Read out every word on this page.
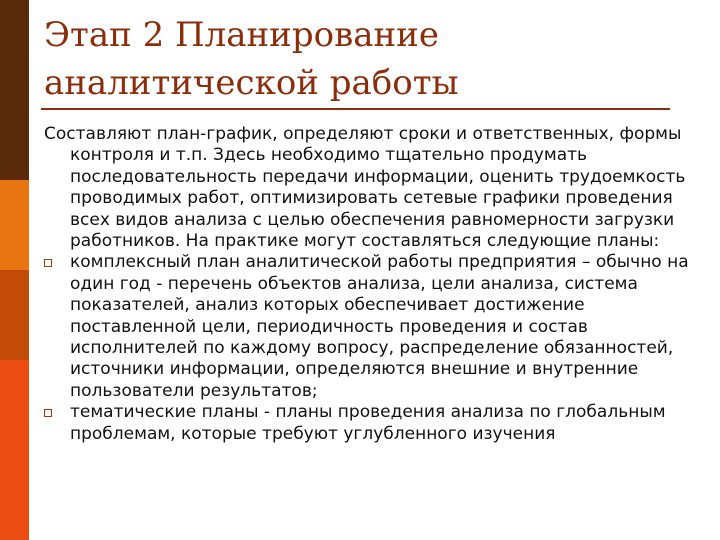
Этап 2 Планирование аналитической работы

Составляют план-график, определяют сроки и ответственных, формы контроля и т.п. Здесь необходимо тщательно продумать последовательность передачи информации, оценить трудоемкость проводимых работ, оптимизировать сетевые графики проведения всех видов анализа с целью обеспечения равномерности загрузки работников. На практике могут составляться следующие планы:

комплексный план аналитической работы предприятия – обычно на один год - перечень объектов анализа, цели анализа, система показателей, анализ которых обеспечивает достижение поставленной цели, периодичность проведения и состав исполнителей по каждому вопросу, распределение обязанностей, источники информации, определяются внешние и внутренние пользователи результатов;
тематические планы - планы проведения анализа по глобальным проблемам, которые требуют углубленного изучения
